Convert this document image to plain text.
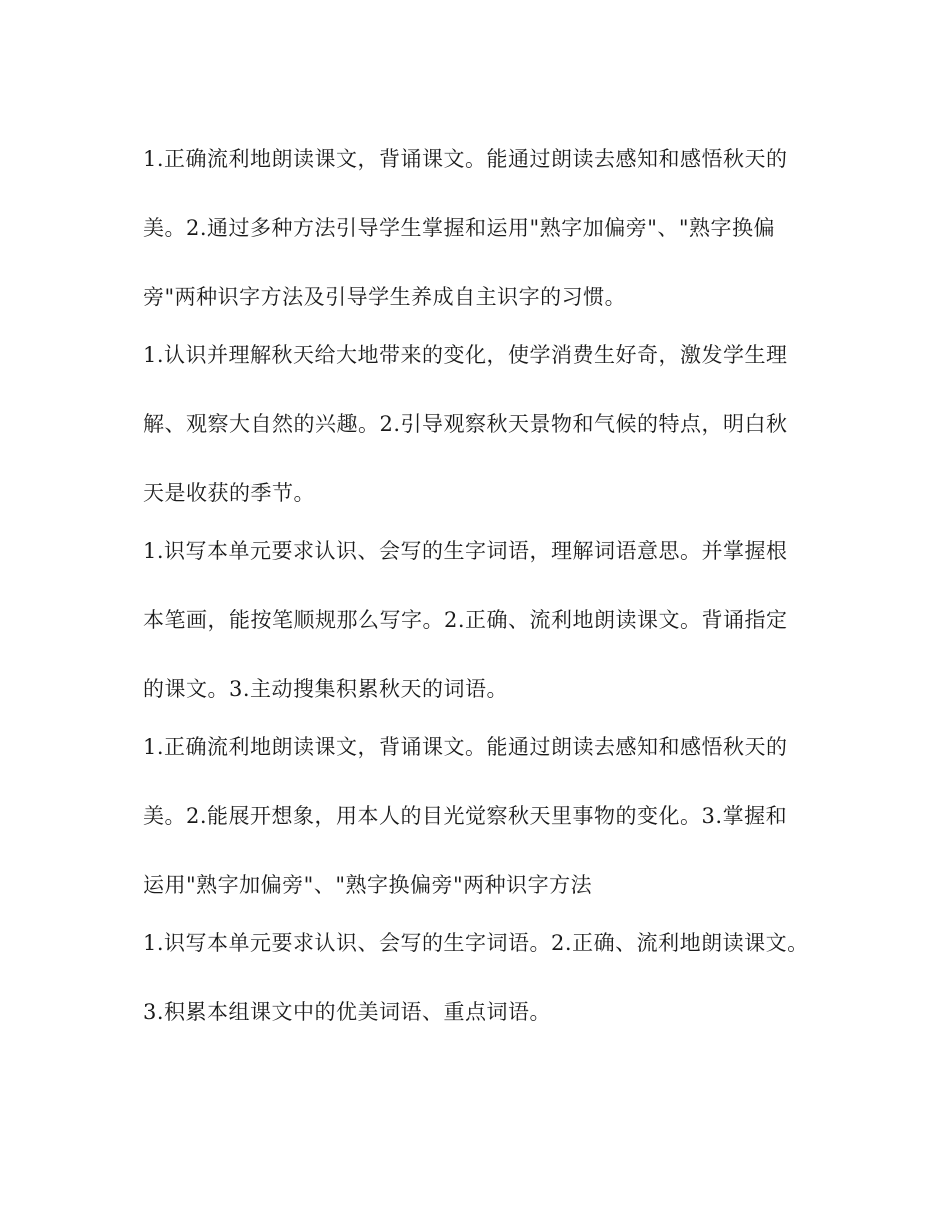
1.正确流利地朗读课文，背诵课文。能通过朗读去感知和感悟秋天的
美。2.通过多种方法引导学生掌握和运用"熟字加偏旁"、"熟字换偏
旁"两种识字方法及引导学生养成自主识字的习惯。
1.认识并理解秋天给大地带来的变化，使学消费生好奇，激发学生理
解、观察大自然的兴趣。2.引导观察秋天景物和气候的特点，明白秋
天是收获的季节。
1.识写本单元要求认识、会写的生字词语，理解词语意思。并掌握根
本笔画，能按笔顺规那么写字。2.正确、流利地朗读课文。背诵指定
的课文。3.主动搜集积累秋天的词语。
1.正确流利地朗读课文，背诵课文。能通过朗读去感知和感悟秋天的
美。2.能展开想象，用本人的目光觉察秋天里事物的变化。3.掌握和
运用"熟字加偏旁"、"熟字换偏旁"两种识字方法
1.识写本单元要求认识、会写的生字词语。2.正确、流利地朗读课文。
3.积累本组课文中的优美词语、重点词语。
